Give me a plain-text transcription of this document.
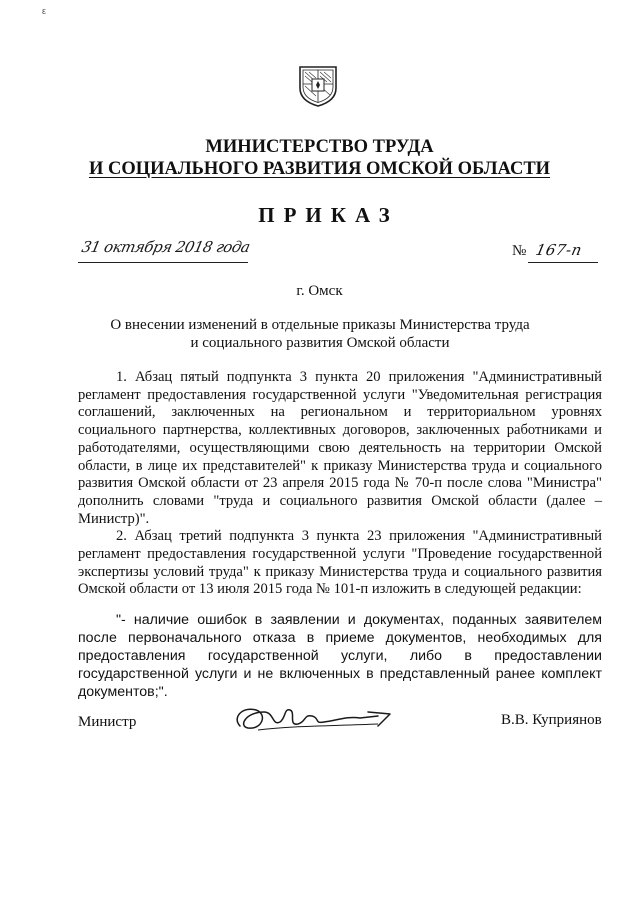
ε
МИНИСТЕРСТВО ТРУДА
И СОЦИАЛЬНОГО РАЗВИТИЯ ОМСКОЙ ОБЛАСТИ
ПРИКАЗ
31 октября 2018 года	№ 167-п
г. Омск
О внесении изменений в отдельные приказы Министерства труда
и социального развития Омской области

1. Абзац пятый подпункта 3 пункта 20 приложения "Административный регламент предоставления государственной услуги "Уведомительная регистрация соглашений, заключенных на региональном и территориальном уровнях социального партнерства, коллективных договоров, заключенных работниками и работодателями, осуществляющими свою деятельность на территории Омской области, в лице их представителей" к приказу Министерства труда и социального развития Омской области от 23 апреля 2015 года № 70-п после слова "Министра" дополнить словами "труда и социального развития Омской области (далее – Министр)".

2. Абзац третий подпункта 3 пункта 23 приложения "Административный регламент предоставления государственной услуги "Проведение государственной экспертизы условий труда" к приказу Министерства труда и социального развития Омской области от 13 июля 2015 года № 101-п изложить в следующей редакции:

"- наличие ошибок в заявлении и документах, поданных заявителем после первоначального отказа в приеме документов, необходимых для предоставления государственной услуги, либо в предоставлении государственной услуги и не включенных в представленный ранее комплект документов;".

Министр	В.В. Куприянов
